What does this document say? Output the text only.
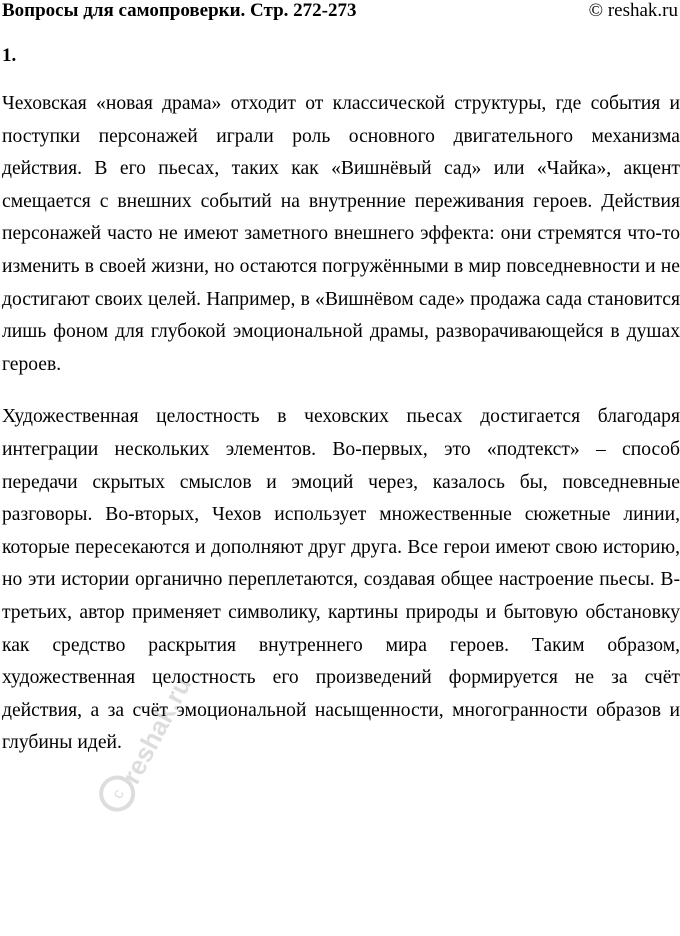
Вопросы для самопроверки. Стр. 272-273	© reshak.ru
1.

Чеховская «новая драма» отходит от классической структуры, где события и поступки персонажей играли роль основного двигательного механизма действия. В его пьесах, таких как «Вишнёвый сад» или «Чайка», акцент смещается с внешних событий на внутренние переживания героев. Действия персонажей часто не имеют заметного внешнего эффекта: они стремятся что-то изменить в своей жизни, но остаются погружёнными в мир повседневности и не достигают своих целей. Например, в «Вишнёвом саде» продажа сада становится лишь фоном для глубокой эмоциональной драмы, разворачивающейся в душах героев.

Художественная целостность в чеховских пьесах достигается благодаря интеграции нескольких элементов. Во-первых, это «подтекст» – способ передачи скрытых смыслов и эмоций через, казалось бы, повседневные разговоры. Во-вторых, Чехов использует множественные сюжетные линии, которые пересекаются и дополняют друг друга. Все герои имеют свою историю, но эти истории органично переплетаются, создавая общее настроение пьесы. В-третьих, автор применяет символику, картины природы и бытовую обстановку как средство раскрытия внутреннего мира героев. Таким образом, художественная целостность его произведений формируется не за счёт действия, а за счёт эмоциональной насыщенности, многогранности образов и глубины идей.

c
reshak.ru
